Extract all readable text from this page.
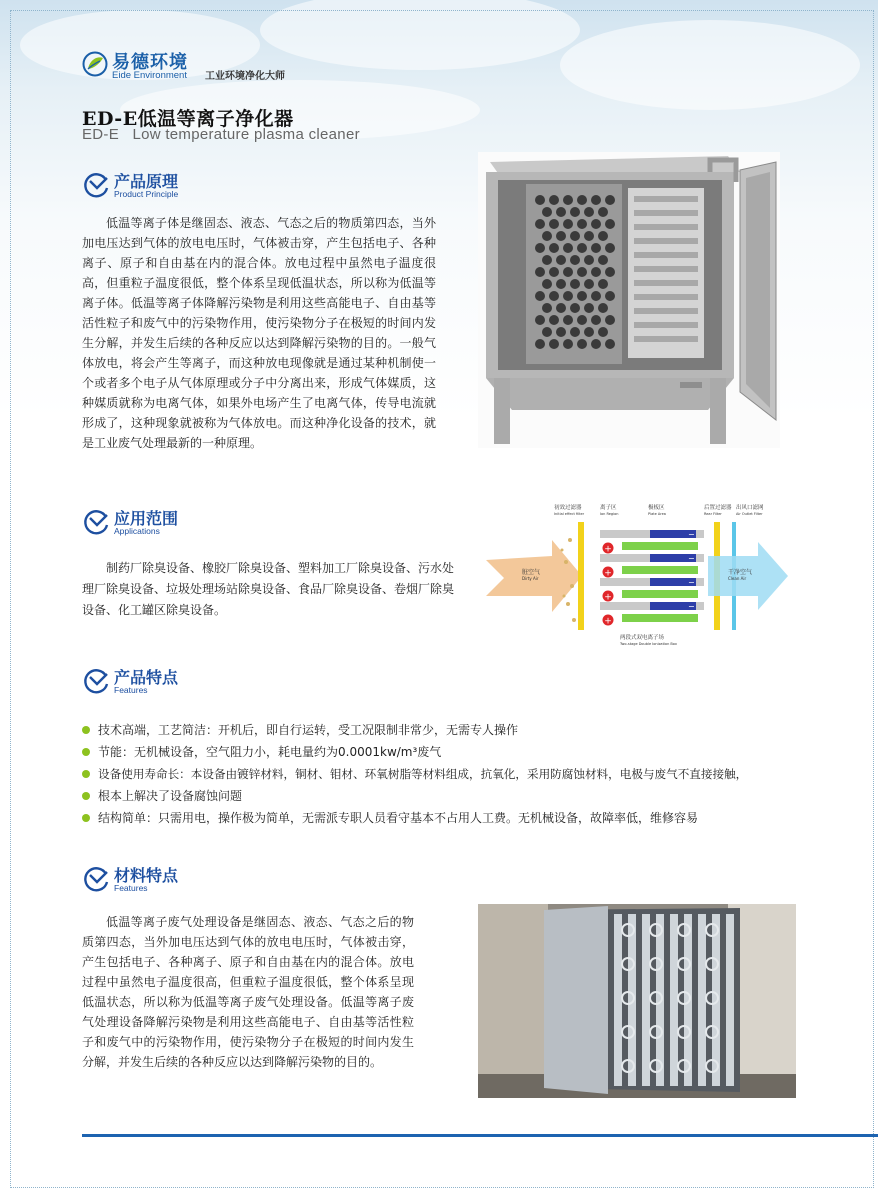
易德环境
Eide Environment 工业环境净化大师
ED-E低温等离子净化器
ED-E   Low temperature plasma cleaner
产品原理
Product Principle

低温等离子体是继固态、液态、气态之后的物质第四态，当外加电压达到气体的放电电压时，气体被击穿，产生包括电子、各种离子、原子和自由基在内的混合体。放电过程中虽然电子温度很高，但重粒子温度很低，整个体系呈现低温状态，所以称为低温等离子体。低温等离子体降解污染物是利用这些高能电子、自由基等活性粒子和废气中的污染物作用，使污染物分子在极短的时间内发生分解，并发生后续的各种反应以达到降解污染物的目的。一般气体放电，将会产生等离子，而这种放电现像就是通过某种机制使一个或者多个电子从气体原理或分子中分离出来，形成气体媒质，这种媒质就称为电离气体，如果外电场产生了电离气体，传导电流就形成了，这种现象就被称为气体放电。而这种净化设备的技术，就是工业废气处理最新的一种原理。

应用范围
Applications

制药厂除臭设备、橡胶厂除臭设备、塑料加工厂除臭设备、污水处理厂除臭设备、垃圾处理场站除臭设备、食品厂除臭设备、卷烟厂除臭设备、化工罐区除臭设备。

+
+
+
+
−
−
−
−
初效过滤器
Initial effect filter
离子区
Ion Region
极板区
Plate Area
后置过滤器
Rear Filter
出风口滤网
Air Outlet Filter
脏空气
Dirty Air
干净空气
Clean Air
两段式双电离子场
Two-stage Double Ionization Box
产品特点
Features
技术高端，工艺简洁：开机后，即自行运转，受工况限制非常少，无需专人操作
节能：无机械设备，空气阻力小，耗电量约为0.0001kw/m³废气
设备使用寿命长：本设备由镀锌材料，铜材、钼材、环氧树脂等材料组成，抗氧化，采用防腐蚀材料，电极与废气不直接接触，
根本上解决了设备腐蚀问题
结构简单：只需用电，操作极为简单，无需派专职人员看守基本不占用人工费。无机械设备，故障率低，维修容易
材料特点
Features

低温等离子废气处理设备是继固态、液态、气态之后的物质第四态，当外加电压达到气体的放电电压时，气体被击穿，产生包括电子、各种离子、原子和自由基在内的混合体。放电过程中虽然电子温度很高，但重粒子温度很低，整个体系呈现低温状态，所以称为低温等离子废气处理设备。低温等离子废气处理设备降解污染物是利用这些高能电子、自由基等活性粒子和废气中的污染物作用，使污染物分子在极短的时间内发生分解，并发生后续的各种反应以达到降解污染物的目的。
